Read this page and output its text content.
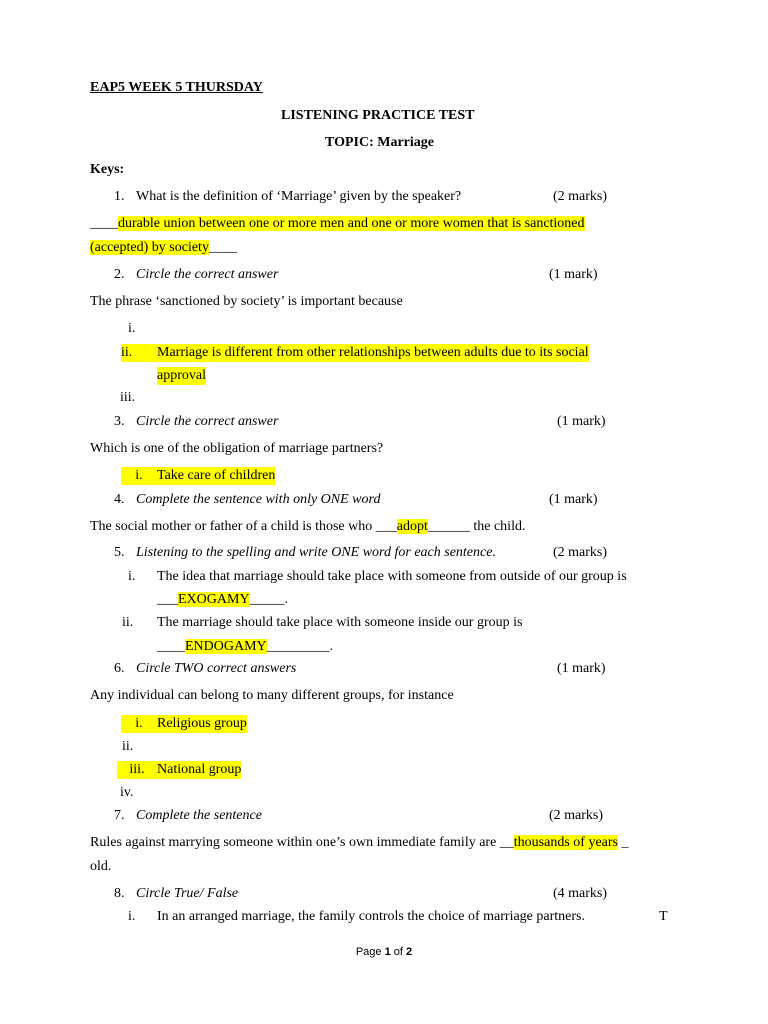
EAP5 WEEK 5 THURSDAY
LISTENING PRACTICE TEST
TOPIC: Marriage
Keys:
1. What is the definition of ‘Marriage’ given by the speaker?	(2 marks)
____durable union between one or more men and one or more women that is sanctioned
(accepted) by society____
2. Circle the correct answer	(1 mark)
The phrase ‘sanctioned by society’ is important because
i.
ii.	Marriage is different from other relationships between adults due to its social
approval
iii.
3. Circle the correct answer	(1 mark)
Which is one of the obligation of marriage partners?
i.	Take care of children
4. Complete the sentence with only ONE word	(1 mark)
The social mother or father of a child is those who ___adopt______ the child.
5. Listening to the spelling and write ONE word for each sentence.	(2 marks)
i. The idea that marriage should take place with someone from outside of our group is
___EXOGAMY_____.
ii. The marriage should take place with someone inside our group is
____ENDOGAMY_________.
6. Circle TWO correct answers	(1 mark)
Any individual can belong to many different groups, for instance
i.	Religious group
ii.
iii. National group
iv.
7. Complete the sentence	(2 marks)
Rules against marrying someone within one’s own immediate family are __thousands of years _
old.
8. Circle True/ False	(4 marks)
i. In an arranged marriage, the family controls the choice of marriage partners.	T
Page 1 of 2
